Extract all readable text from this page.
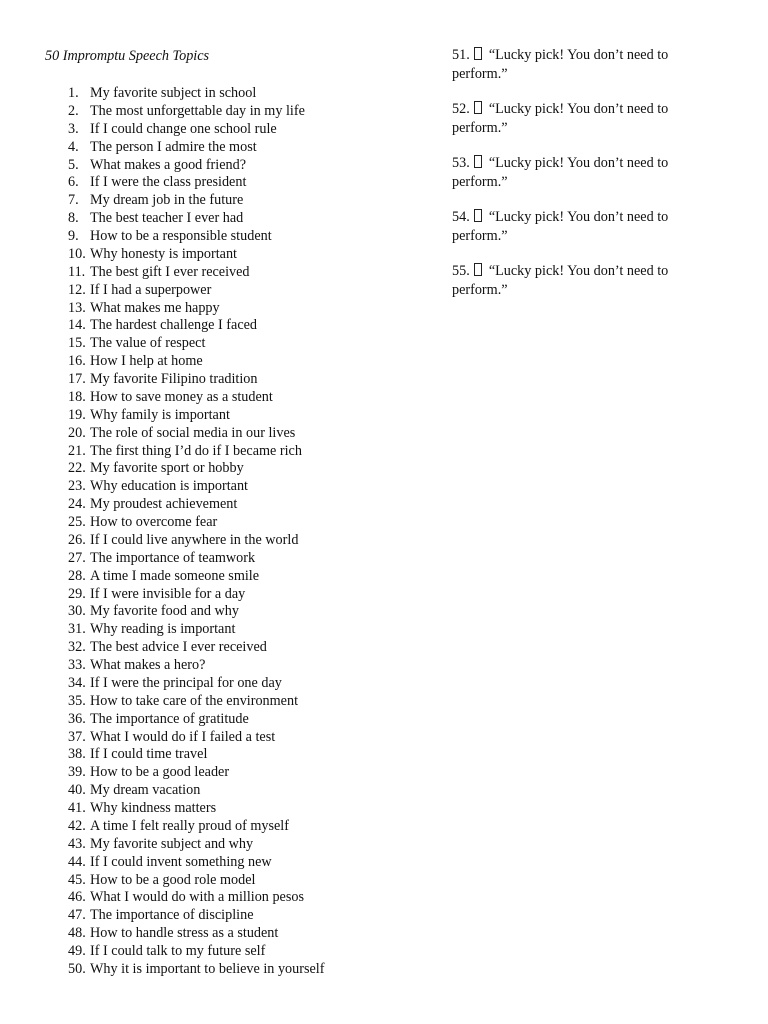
50 Impromptu Speech Topics
1. My favorite subject in school
2. The most unforgettable day in my life
3. If I could change one school rule
4. The person I admire the most
5. What makes a good friend?
6. If I were the class president
7. My dream job in the future
8. The best teacher I ever had
9. How to be a responsible student
10. Why honesty is important
11. The best gift I ever received
12. If I had a superpower
13. What makes me happy
14. The hardest challenge I faced
15. The value of respect
16. How I help at home
17. My favorite Filipino tradition
18. How to save money as a student
19. Why family is important
20. The role of social media in our lives
21. The first thing I’d do if I became rich
22. My favorite sport or hobby
23. Why education is important
24. My proudest achievement
25. How to overcome fear
26. If I could live anywhere in the world
27. The importance of teamwork
28. A time I made someone smile
29. If I were invisible for a day
30. My favorite food and why
31. Why reading is important
32. The best advice I ever received
33. What makes a hero?
34. If I were the principal for one day
35. How to take care of the environment
36. The importance of gratitude
37. What I would do if I failed a test
38. If I could time travel
39. How to be a good leader
40. My dream vacation
41. Why kindness matters
42. A time I felt really proud of myself
43. My favorite subject and why
44. If I could invent something new
45. How to be a good role model
46. What I would do with a million pesos
47. The importance of discipline
48. How to handle stress as a student
49. If I could talk to my future self
50. Why it is important to believe in yourself
51. “Lucky pick! You don’t need to perform.”
52. “Lucky pick! You don’t need to perform.”
53. “Lucky pick! You don’t need to perform.”
54. “Lucky pick! You don’t need to perform.”
55. “Lucky pick! You don’t need to perform.”
